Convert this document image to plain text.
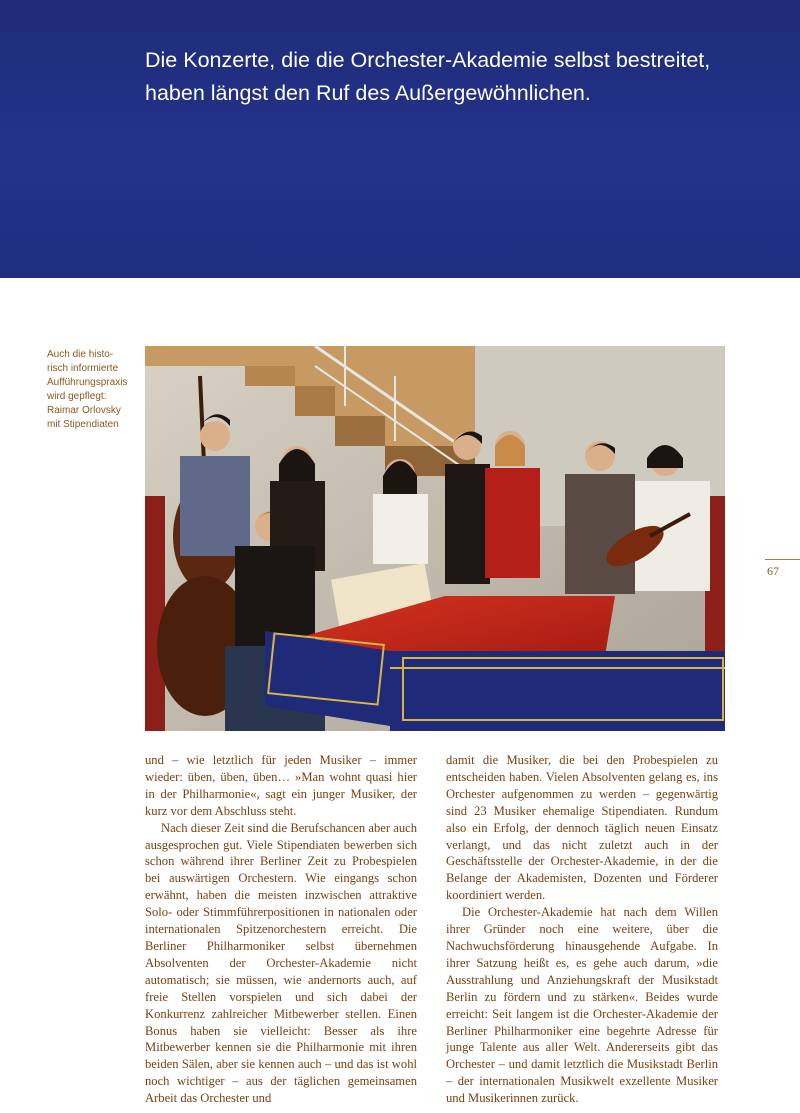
Die Konzerte, die die Orchester-Akademie selbst bestreitet,
haben längst den Ruf des Außergewöhnlichen.

Auch die histo-
risch informierte
Aufführungspraxis
wird gepflegt:
Raimar Orlovsky
mit Stipendiaten
67

und – wie letztlich für jeden Musiker – immer wieder: üben, üben, üben… »Man wohnt quasi hier in der Philharmonie«, sagt ein junger Musiker, der kurz vor dem Abschluss steht.

Nach dieser Zeit sind die Berufschancen aber auch ausgesprochen gut. Viele Stipendiaten bewerben sich schon während ihrer Berliner Zeit zu Probespielen bei auswärtigen Orchestern. Wie eingangs schon erwähnt, haben die meisten inzwischen attraktive Solo- oder Stimmführerpositionen in nationalen oder internationalen Spitzenorchestern erreicht. Die Berliner Philharmoniker selbst übernehmen Absolventen der Orchester-Akademie nicht automatisch; sie müssen, wie andernorts auch, auf freie Stellen vorspielen und sich dabei der Konkurrenz zahlreicher Mitbewerber stellen. Einen Bonus haben sie vielleicht: Besser als ihre Mitbewerber kennen sie die Philharmonie mit ihren beiden Sälen, aber sie kennen auch – und das ist wohl noch wichtiger – aus der täglichen gemeinsamen Arbeit das Orchester und

damit die Musiker, die bei den Probespielen zu entscheiden haben. Vielen Absolventen gelang es, ins Orchester aufgenommen zu werden – gegenwärtig sind 23 Musiker ehemalige Stipendiaten. Rundum also ein Erfolg, der dennoch täglich neuen Einsatz verlangt, und das nicht zuletzt auch in der Geschäftsstelle der Orchester-Akademie, in der die Belange der Akademisten, Dozenten und Förderer koordiniert werden.

Die Orchester-Akademie hat nach dem Willen ihrer Gründer noch eine weitere, über die Nachwuchsförderung hinausgehende Aufgabe. In ihrer Satzung heißt es, es gehe auch darum, »die Ausstrahlung und Anziehungskraft der Musikstadt Berlin zu fördern und zu stärken«. Beides wurde erreicht: Seit langem ist die Orchester-Akademie der Berliner Philharmoniker eine begehrte Adresse für junge Talente aus aller Welt. Andererseits gibt das Orchester – und damit letztlich die Musikstadt Berlin – der internationalen Musikwelt exzellente Musiker und Musikerinnen zurück.
